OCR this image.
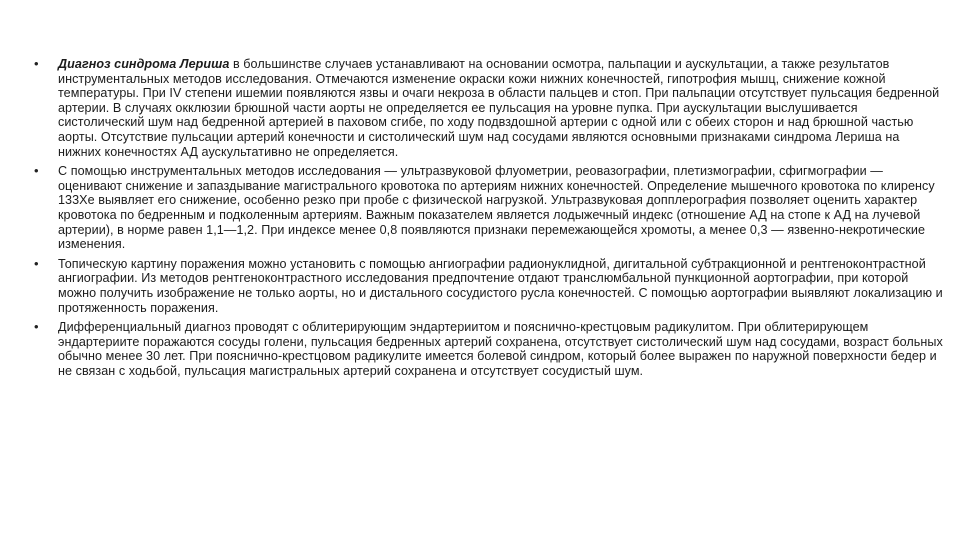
• Диагноз синдрома Лериша в большинстве случаев устанавливают на основании осмотра, пальпации и аускультации, а также результатов инструментальных методов исследования. Отмечаются изменение окраски кожи нижних конечностей, гипотрофия мышц, снижение кожной температуры. При IV степени ишемии появляются язвы и очаги некроза в области пальцев и стоп. При пальпации отсутствует пульсация бедренной артерии. В случаях окклюзии брюшной части аорты не определяется ее пульсация на уровне пупка. При аускультации выслушивается систолический шум над бедренной артерией в паховом сгибе, по ходу подвздошной артерии с одной или с обеих сторон и над брюшной частью аорты. Отсутствие пульсации артерий конечности и систолический шум над сосудами являются основными признаками синдрома Лериша на нижних конечностях АД аускультативно не определяется.
• С помощью инструментальных методов исследования — ультразвуковой флуометрии, реовазографии, плетизмографии, сфигмографии — оценивают снижение и запаздывание магистрального кровотока по артериям нижних конечностей. Определение мышечного кровотока по клиренсу 133Хе выявляет его снижение, особенно резко при пробе с физической нагрузкой. Ультразвуковая допплерография позволяет оценить характер кровотока по бедренным и подколенным артериям. Важным показателем является лодыжечный индекс (отношение АД на стопе к АД на лучевой артерии), в норме равен 1,1—1,2. При индексе менее 0,8 появляются признаки перемежающейся хромоты, а менее 0,3 — язвенно-некротические изменения.
• Топическую картину поражения можно установить с помощью ангиографии радионуклидной, дигитальной субтракционной и рентгеноконтрастной ангиографии. Из методов рентгеноконтрастного исследования предпочтение отдают транслюмбальной пункционной аортографии, при которой можно получить изображение не только аорты, но и дистального сосудистого русла конечностей. С помощью аортографии выявляют локализацию и протяженность поражения.
• Дифференциальный диагноз проводят с облитерирующим эндартериитом и пояснично-крестцовым радикулитом. При облитерирующем эндартериите поражаются сосуды голени, пульсация бедренных артерий сохранена, отсутствует систолический шум над сосудами, возраст больных обычно менее 30 лет. При пояснично-крестцовом радикулите имеется болевой синдром, который более выражен по наружной поверхности бедер и не связан с ходьбой, пульсация магистральных артерий сохранена и отсутствует сосудистый шум.
